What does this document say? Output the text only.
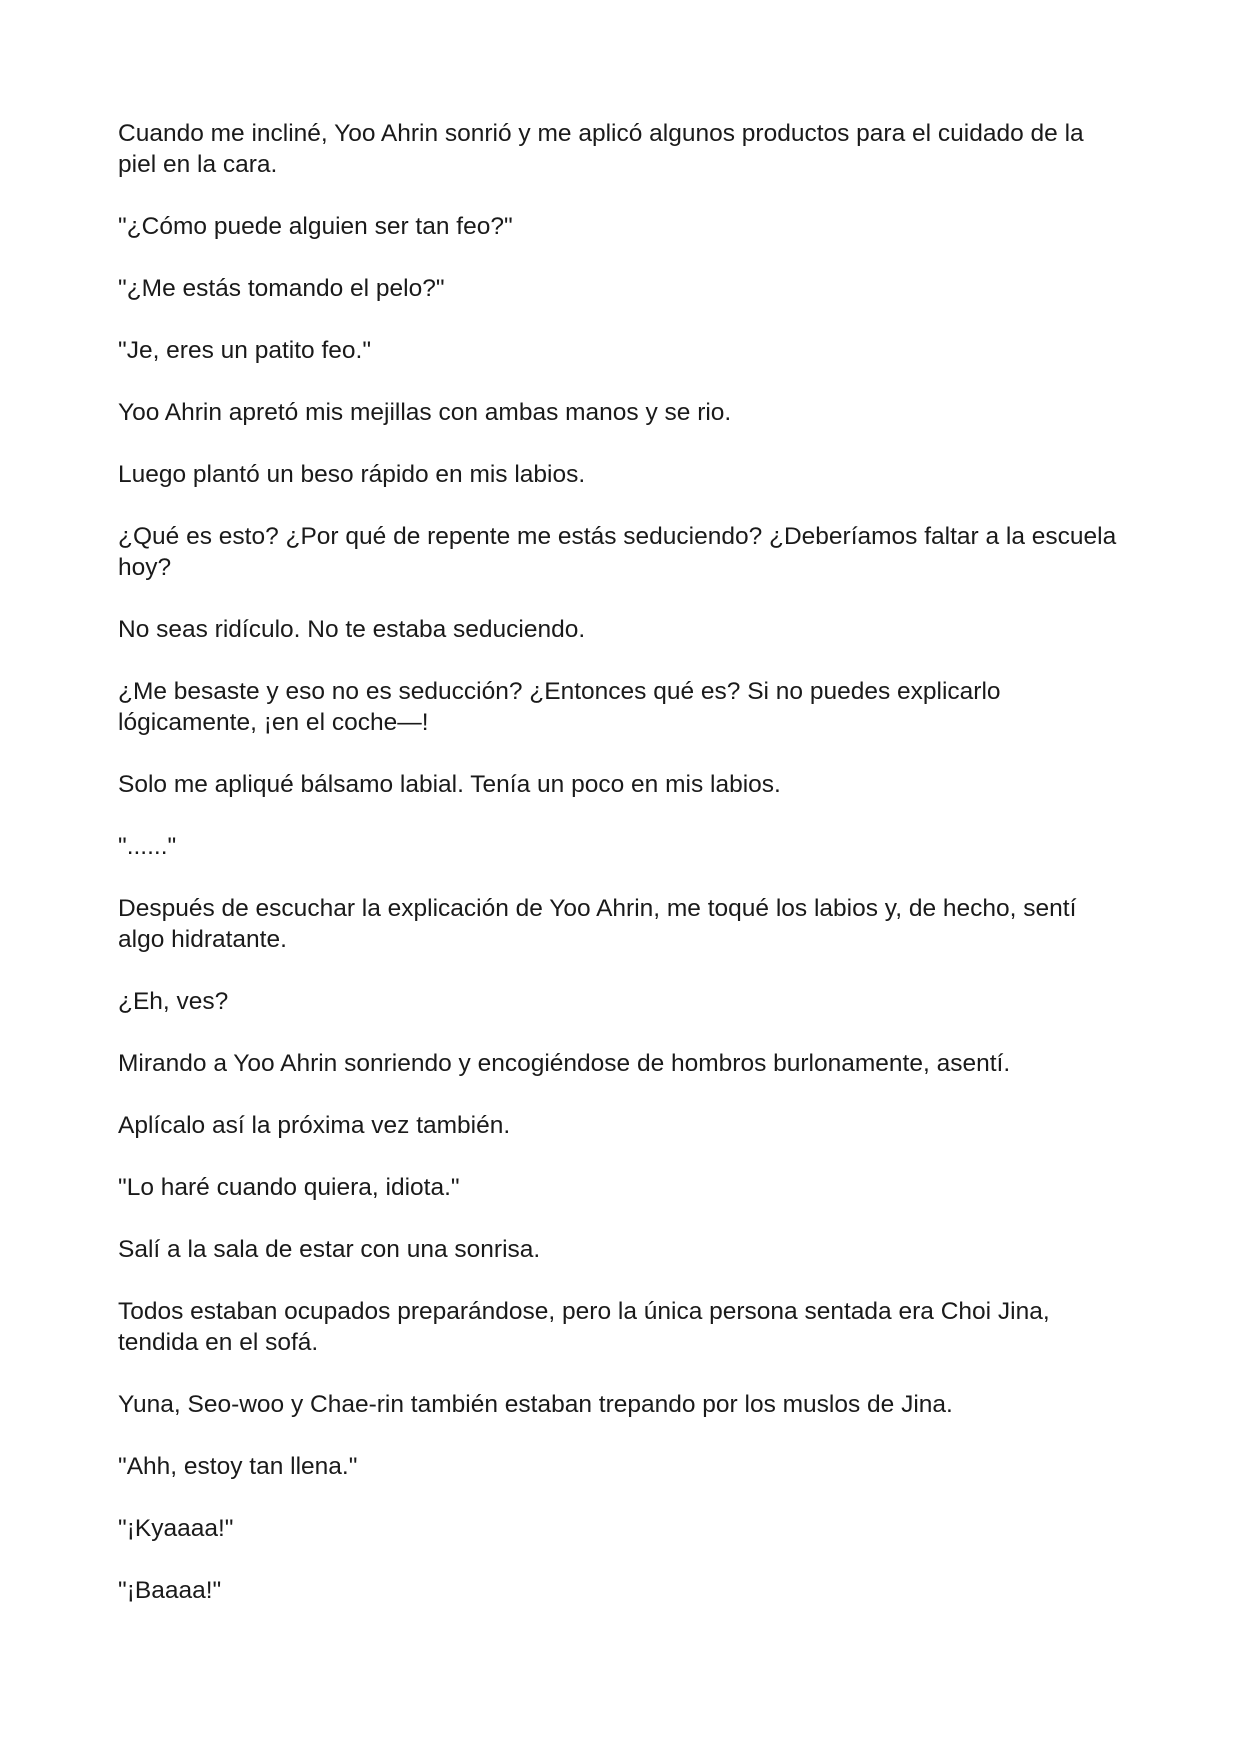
Cuando me incliné, Yoo Ahrin sonrió y me aplicó algunos productos para el cuidado de la piel en la cara.

"¿Cómo puede alguien ser tan feo?"

"¿Me estás tomando el pelo?"

"Je, eres un patito feo."

Yoo Ahrin apretó mis mejillas con ambas manos y se rio.

Luego plantó un beso rápido en mis labios.

¿Qué es esto? ¿Por qué de repente me estás seduciendo? ¿Deberíamos faltar a la escuela hoy?

No seas ridículo. No te estaba seduciendo.

¿Me besaste y eso no es seducción? ¿Entonces qué es? Si no puedes explicarlo lógicamente, ¡en el coche—!

Solo me apliqué bálsamo labial. Tenía un poco en mis labios.

"......"

Después de escuchar la explicación de Yoo Ahrin, me toqué los labios y, de hecho, sentí algo hidratante.

¿Eh, ves?

Mirando a Yoo Ahrin sonriendo y encogiéndose de hombros burlonamente, asentí.

Aplícalo así la próxima vez también.

"Lo haré cuando quiera, idiota."

Salí a la sala de estar con una sonrisa.

Todos estaban ocupados preparándose, pero la única persona sentada era Choi Jina, tendida en el sofá.

Yuna, Seo-woo y Chae-rin también estaban trepando por los muslos de Jina.

"Ahh, estoy tan llena."

"¡Kyaaaa!"

"¡Baaaa!"
